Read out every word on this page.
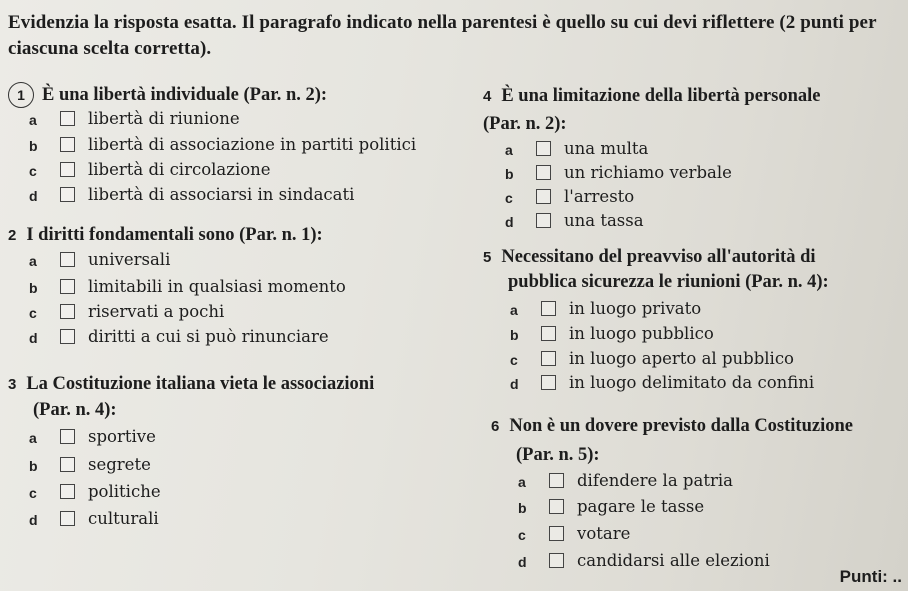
Evidenzia la risposta esatta. Il paragrafo indicato nella parentesi è quello su cui devi riflettere (2 punti per ciascuna scelta corretta).
1 È una libertà individuale (Par. n. 2):
a	libertà di riunione
b	libertà di associazione in partiti politici
c	libertà di circolazione
d	libertà di associarsi in sindacati
2 I diritti fondamentali sono (Par. n. 1):
a	universali
b	limitabili in qualsiasi momento
c	riservati a pochi
d	diritti a cui si può rinunciare
3 La Costituzione italiana vieta le associazioni
(Par. n. 4):
a	sportive
b	segrete
c	politiche
d	culturali
4 È una limitazione della libertà personale
(Par. n. 2):
a	una multa
b	un richiamo verbale
c	l'arresto
d	una tassa
5 Necessitano del preavviso all'autorità di
pubblica sicurezza le riunioni (Par. n. 4):
a	in luogo privato
b	in luogo pubblico
c	in luogo aperto al pubblico
d	in luogo delimitato da confini
6 Non è un dovere previsto dalla Costituzione
(Par. n. 5):
a	difendere la patria
b	pagare le tasse
c	votare
d	candidarsi alle elezioni
Punti: ..
